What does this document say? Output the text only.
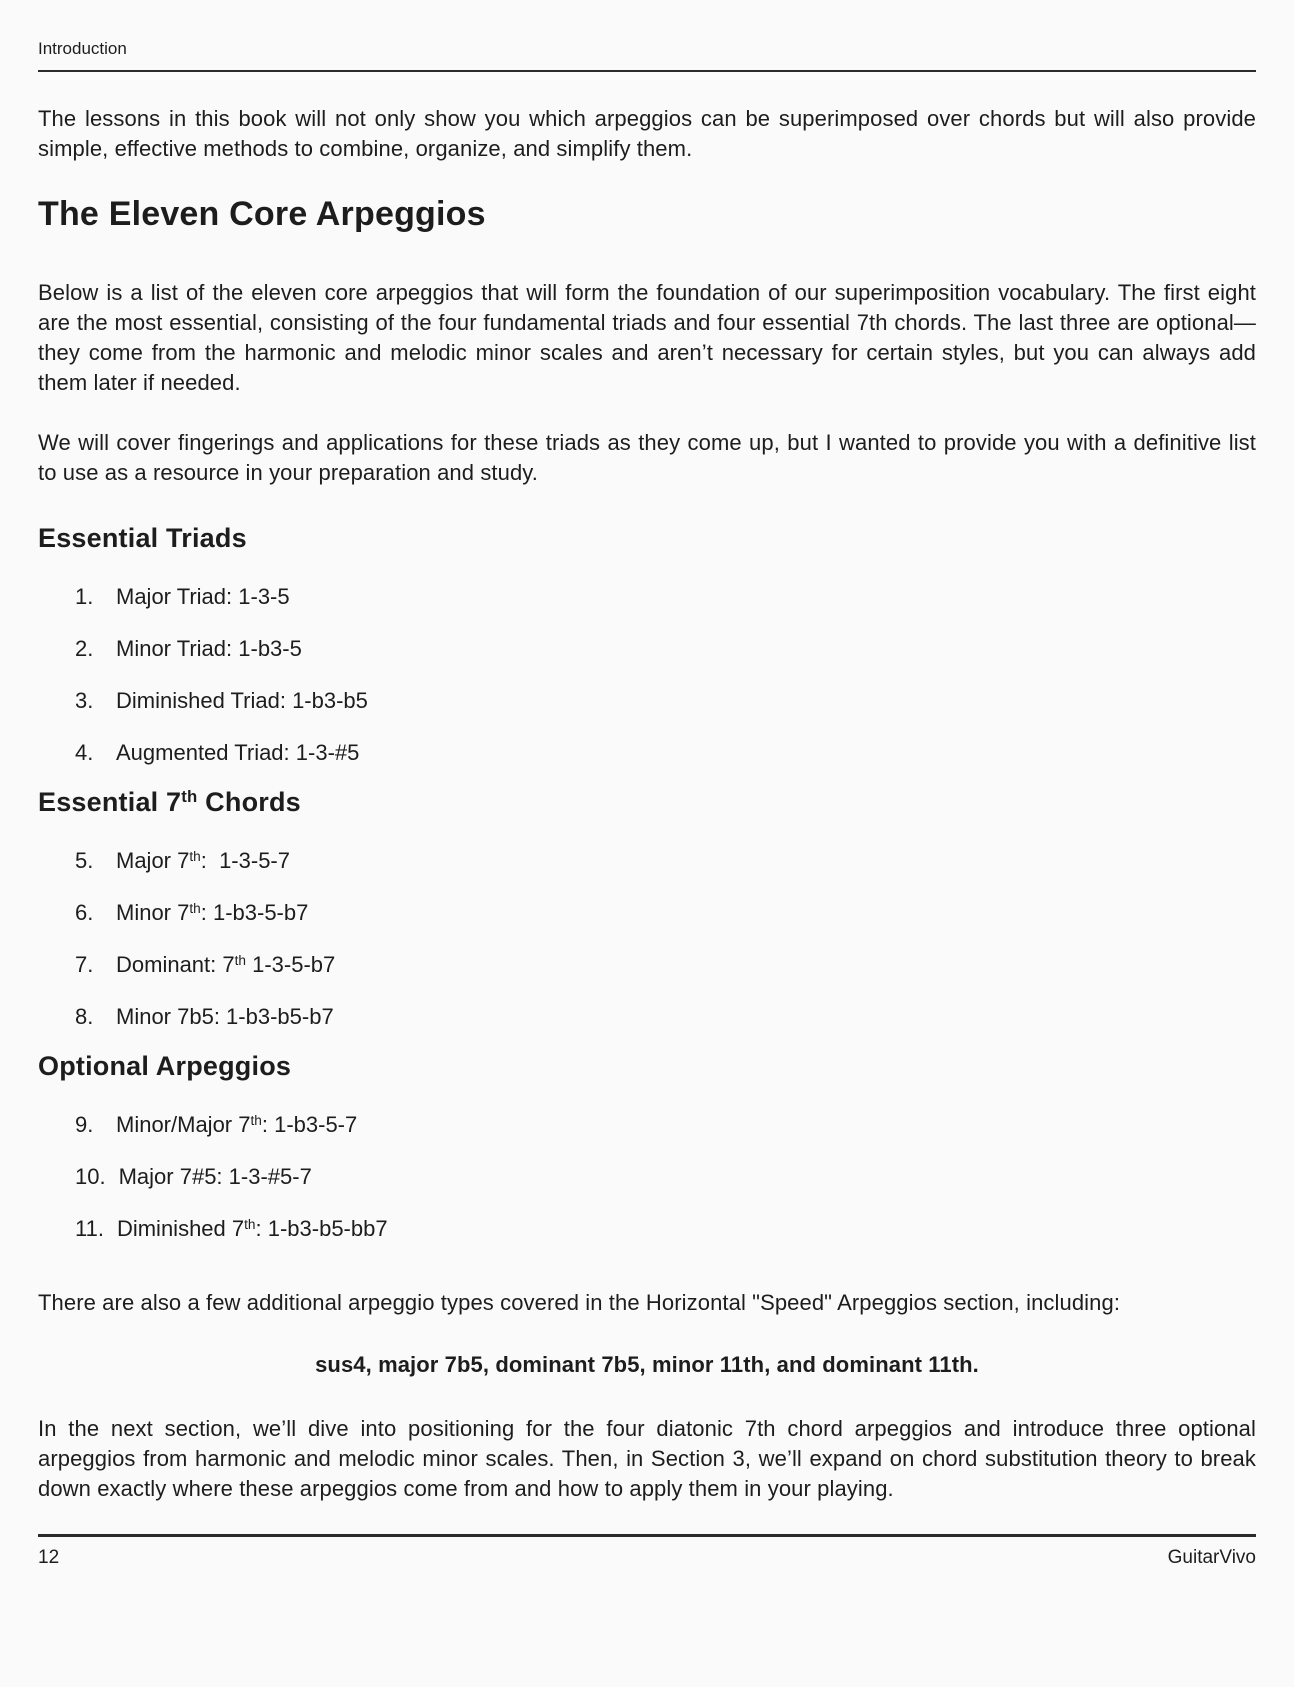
Introduction

The lessons in this book will not only show you which arpeggios can be superimposed over chords but will also provide simple, effective methods to combine, organize, and simplify them.

The Eleven Core Arpeggios

Below is a list of the eleven core arpeggios that will form the foundation of our superimposition vocabulary. The first eight are the most essential, consisting of the four fundamental triads and four essential 7th chords. The last three are optional—they come from the harmonic and melodic minor scales and aren’t necessary for certain styles, but you can always add them later if needed.

We will cover fingerings and applications for these triads as they come up, but I wanted to provide you with a definitive list to use as a resource in your preparation and study.

Essential Triads
1.	Major Triad: 1-3-5
2.	Minor Triad: 1-b3-5
3.	Diminished Triad: 1-b3-b5
4.	Augmented Triad: 1-3-#5
Essential 7th Chords
5.	Major 7th:  1-3-5-7
6.	Minor 7th: 1-b3-5-b7
7.	Dominant: 7th 1-3-5-b7
8.	Minor 7b5: 1-b3-b5-b7
Optional Arpeggios
9.	Minor/Major 7th: 1-b3-5-7
10. Major 7#5: 1-3-#5-7
11. Diminished 7th: 1-b3-b5-bb7

There are also a few additional arpeggio types covered in the Horizontal "Speed" Arpeggios section, including:

sus4, major 7b5, dominant 7b5, minor 11th, and dominant 11th.

In the next section, we’ll dive into positioning for the four diatonic 7th chord arpeggios and introduce three optional arpeggios from harmonic and melodic minor scales. Then, in Section 3, we’ll expand on chord substitution theory to break down exactly where these arpeggios come from and how to apply them in your playing.

12	GuitarVivo
